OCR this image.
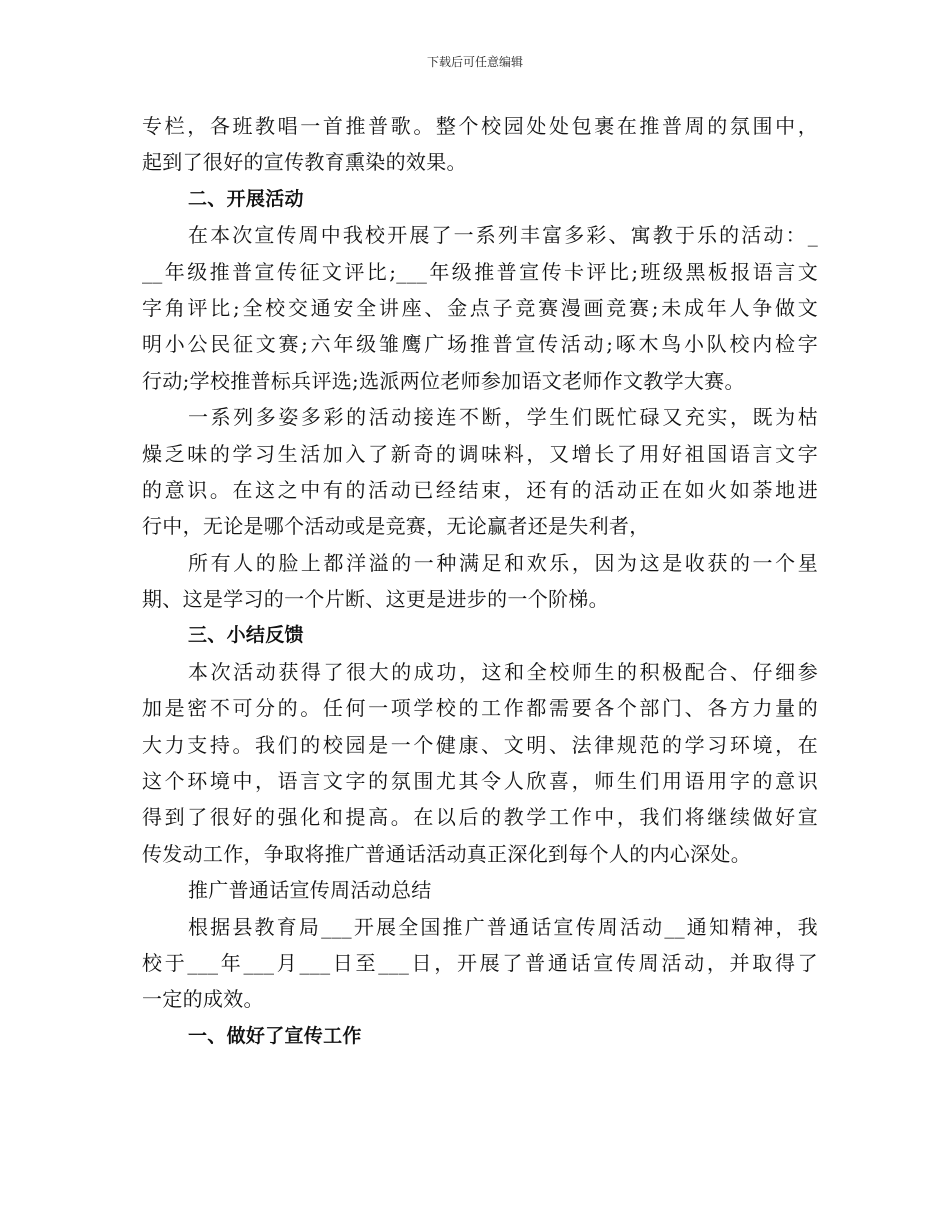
下载后可任意编辑
专栏，各班教唱一首推普歌。整个校园处处包裹在推普周的氛围中，
起到了很好的宣传教育熏染的效果。
二、开展活动
在本次宣传周中我校开展了一系列丰富多彩、寓教于乐的活动：_
__年级推普宣传征文评比;___年级推普宣传卡评比;班级黑板报语言文
字角评比;全校交通安全讲座、金点子竞赛漫画竞赛;未成年人争做文
明小公民征文赛;六年级雏鹰广场推普宣传活动;啄木鸟小队校内检字
行动;学校推普标兵评选;选派两位老师参加语文老师作文教学大赛。
一系列多姿多彩的活动接连不断，学生们既忙碌又充实，既为枯
燥乏味的学习生活加入了新奇的调味料，又增长了用好祖国语言文字
的意识。在这之中有的活动已经结束，还有的活动正在如火如荼地进
行中，无论是哪个活动或是竞赛，无论赢者还是失利者，
所有人的脸上都洋溢的一种满足和欢乐，因为这是收获的一个星
期、这是学习的一个片断、这更是进步的一个阶梯。
三、小结反馈
本次活动获得了很大的成功，这和全校师生的积极配合、仔细参
加是密不可分的。任何一项学校的工作都需要各个部门、各方力量的
大力支持。我们的校园是一个健康、文明、法律规范的学习环境，在
这个环境中，语言文字的氛围尤其令人欣喜，师生们用语用字的意识
得到了很好的强化和提高。在以后的教学工作中，我们将继续做好宣
传发动工作，争取将推广普通话活动真正深化到每个人的内心深处。
推广普通话宣传周活动总结
根据县教育局___开展全国推广普通话宣传周活动__通知精神，我
校于___年___月___日至___日，开展了普通话宣传周活动，并取得了
一定的成效。
一、做好了宣传工作
